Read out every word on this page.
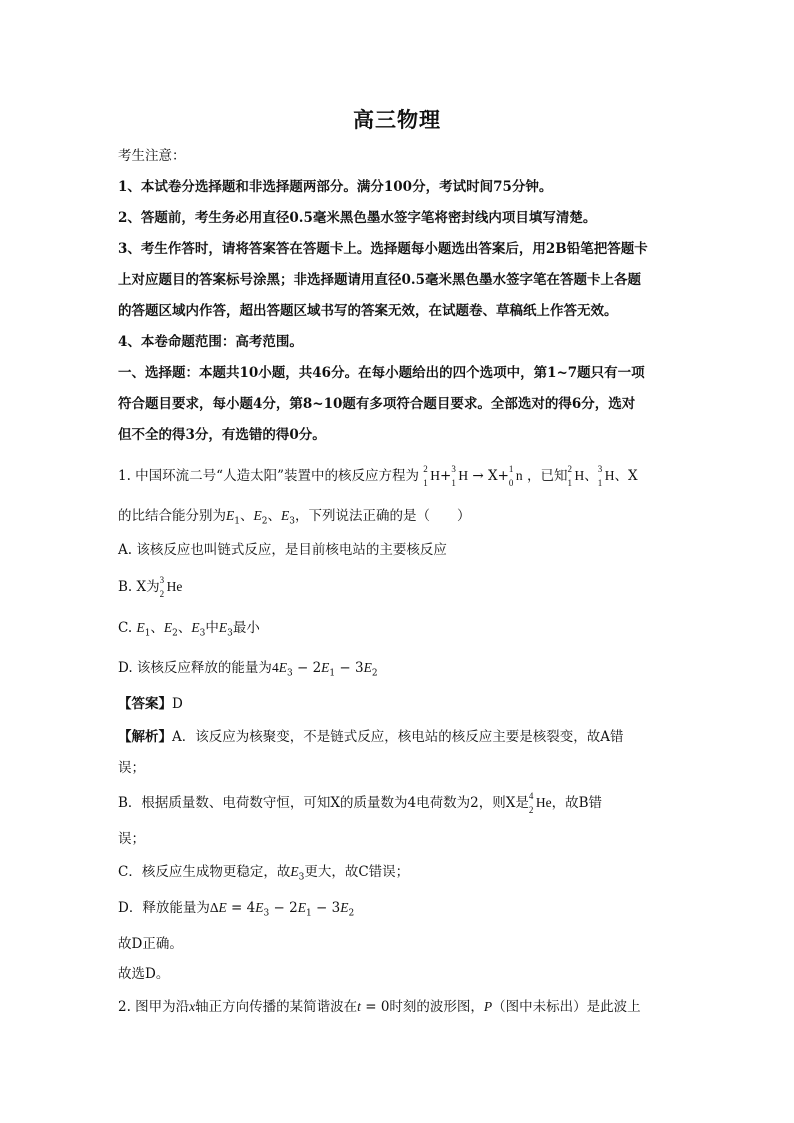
高三物理
考生注意：
1、本试卷分选择题和非选择题两部分。满分100分，考试时间75分钟。
2、答题前，考生务必用直径0.5毫米黑色墨水签字笔将密封线内项目填写清楚。
3、考生作答时，请将答案答在答题卡上。选择题每小题选出答案后，用2B铅笔把答题卡
上对应题目的答案标号涂黑；非选择题请用直径0.5毫米黑色墨水签字笔在答题卡上各题
的答题区域内作答，超出答题区域书写的答案无效，在试题卷、草稿纸上作答无效。
4、本卷命题范围：高考范围。
一、选择题：本题共10小题，共46分。在每小题给出的四个选项中，第1~7题只有一项
符合题目要求，每小题4分，第8~10题有多项符合题目要求。全部选对的得6分，选对
但不全的得3分，有选错的得0分。
1. 中国环流二号“人造太阳”装置中的核反应方程为 2
1 H+ 3
1 H → X+ 1
0 n ，已知 2
1 H、 3
1 H、X
的比结合能分别为$E_1$、$E_2$、$E_3$，下列说法正确的是（　　）
A. 该核反应也叫链式反应，是目前核电站的主要核反应
B. X为 3
2 He
C. $E_1$、$E_2$、$E_3$中$E_3$最小
D. 该核反应释放的能量为$4E_3 - 2E_1 - 3E_2$
【答案】D
【解析】A．该反应为核聚变，不是链式反应，核电站的核反应主要是核裂变，故A错
误；
B．根据质量数、电荷数守恒，可知X的质量数为4电荷数为2，则X是 4
2 He，故B错
误；
C．核反应生成物更稳定，故$E_3$更大，故C错误；
D．释放能量为$\Delta E = 4E_3 - 2E_1 - 3E_2$
故D正确。
故选D。
2. 图甲为沿x轴正方向传播的某简谐波在t = 0时刻的波形图，P（图中未标出）是此波上
